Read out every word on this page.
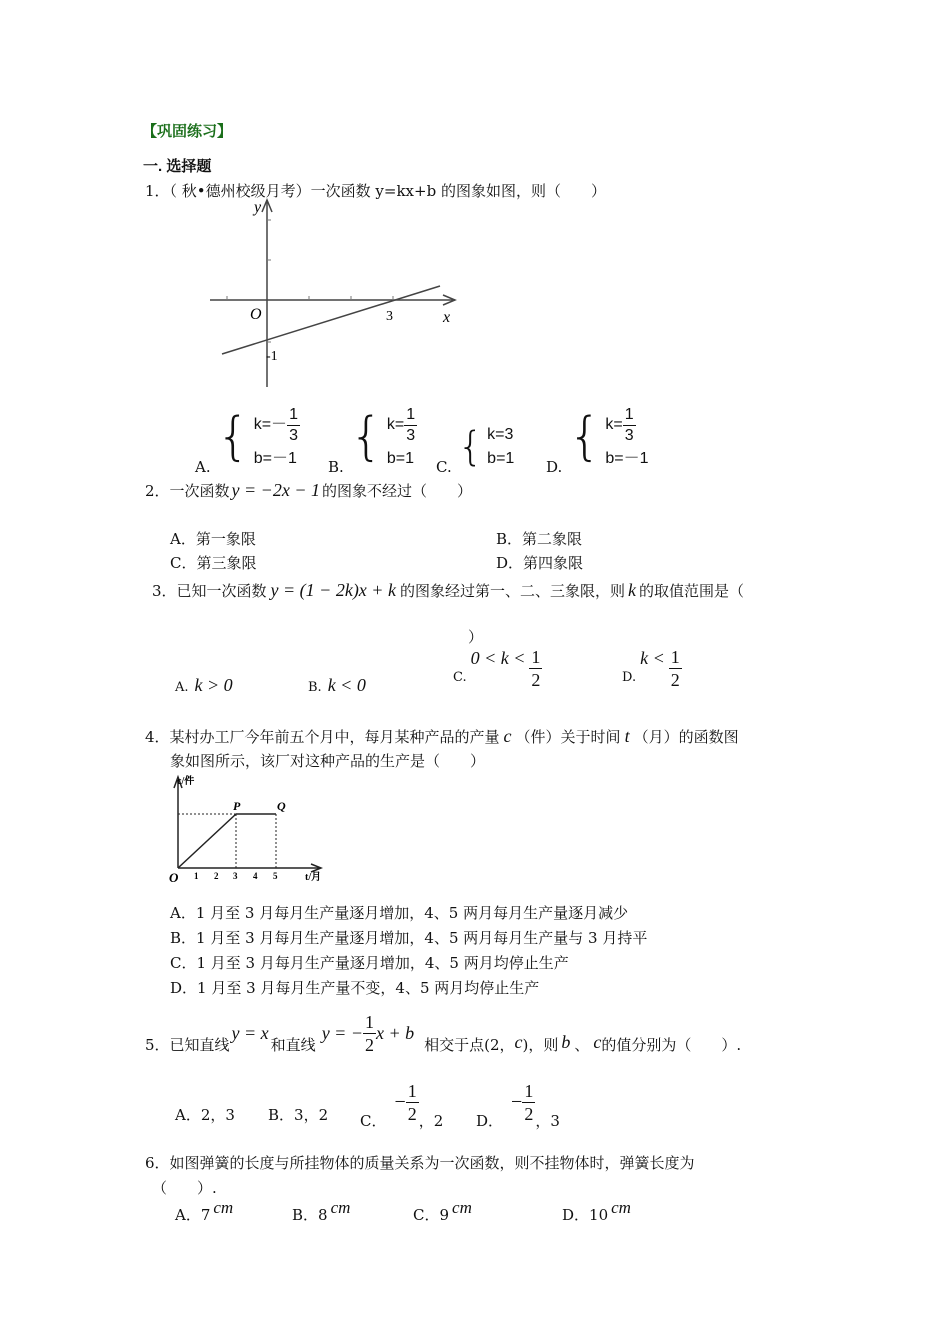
【巩固练习】
一. 选择题
1．（ 秋•德州校级月考）一次函数 y=kx+b 的图象如图，则（　　）
y
x
O	3
-1
A. { $k=- \frac{1}{3}$
b=－1 B. { $k= \frac{1}{3}$
b=1 C. { k=3
b=1 D. { $k= \frac{1}{3}$
b=－1
2．一次函数 y = −2x − 1 的图象不经过（　　）
A．第一象限	B．第二象限
C．第三象限	D．第四象限
3．已知一次函数 y = (1 − 2k)x + k 的图象经过第一、二、三象限，则 k 的取值范围是（
）
A. k > 0	B. k < 0	C.
$0 < k < \frac{1}{2}$	D.
$k < \frac{1}{2}$
4．某村办工厂今年前五个月中，每月某种产品的产量 c （件）关于时间 t （月）的函数图
象如图所示，该厂对这种产品的生产是（　　）
c/件
t/月
O
P	Q
1 2 3 4 5
A．1 月至 3 月每月生产量逐月增加，4、5 两月每月生产量逐月减少
B．1 月至 3 月每月生产量逐月增加，4、5 两月每月生产量与 3 月持平
C．1 月至 3 月每月生产量逐月增加，4、5 两月均停止生产
D．1 月至 3 月每月生产量不变，4、5 两月均停止生产
5．已知直线
y = x
和直线
y = − $\frac{1}{2}$ x + b
相交于点(2， c )，则 b 、 c 的值分别为（　　）.
A．2，3 B．3，2 C．
− $\frac{1}{2}$ ，2 D．
− $\frac{1}{2}$ ，3
6．如图弹簧的长度与所挂物体的质量关系为一次函数，则不挂物体时，弹簧长度为
（　　）.
A．7 cm	B．8 cm	C．9 cm	D．10 cm
